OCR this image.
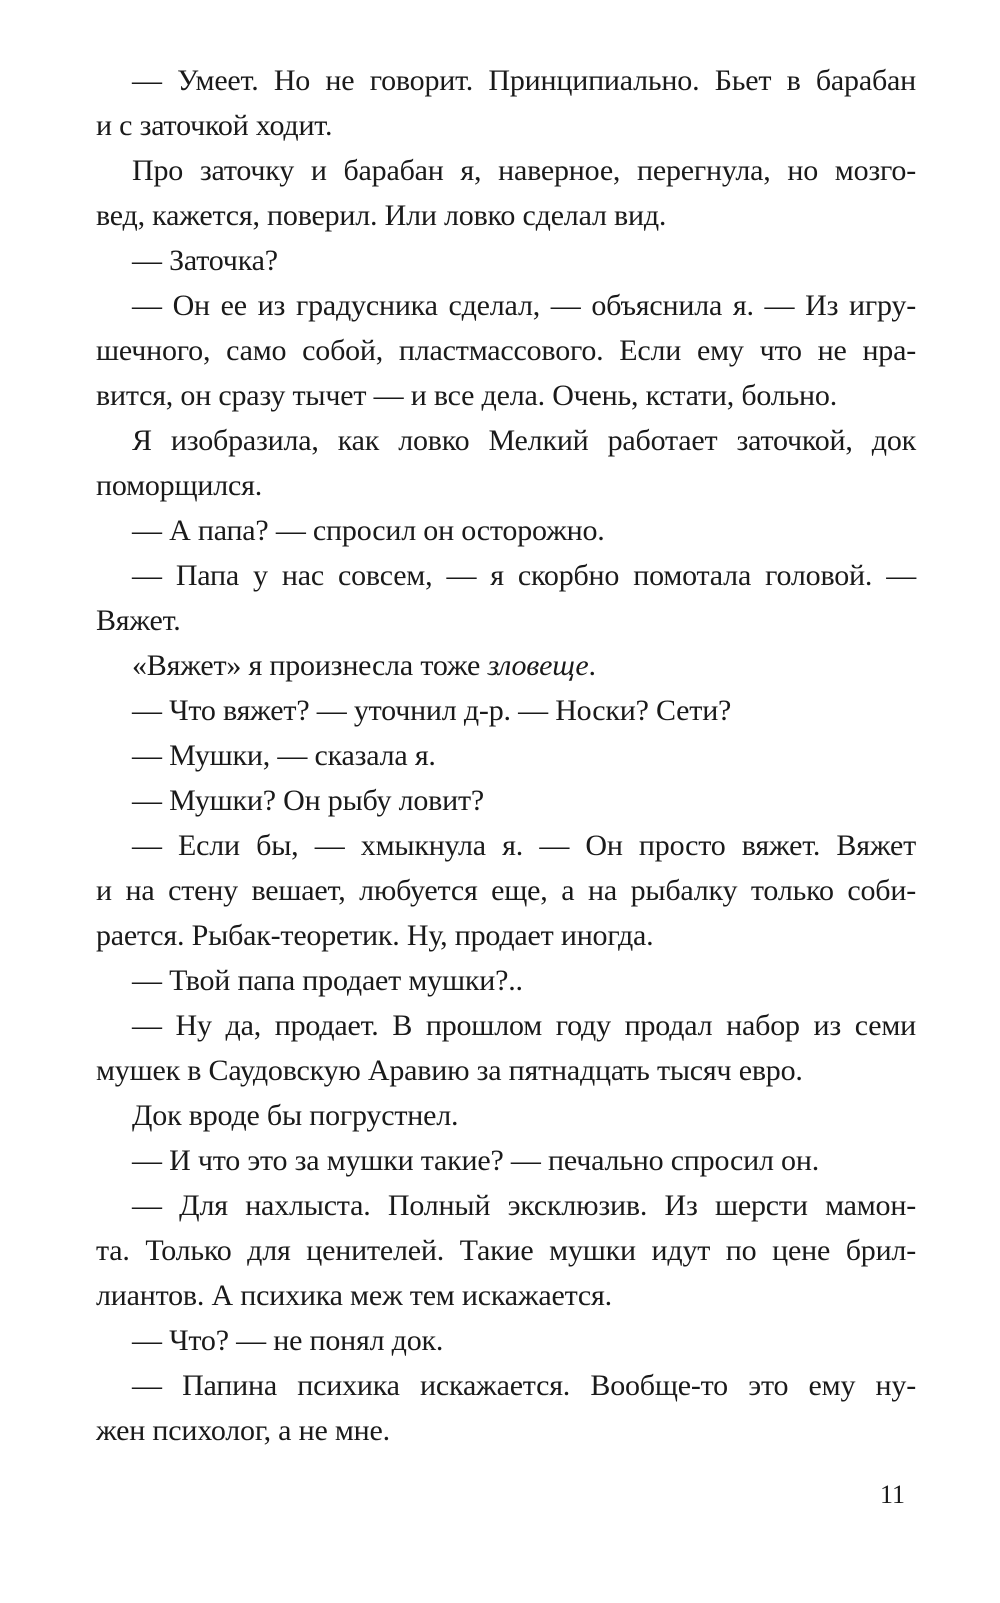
— Умеет. Но не говорит. Принципиально. Бьет в барабан
и с заточкой ходит.
Про заточку и барабан я, наверное, перегнула, но мозго-
вед, кажется, поверил. Или ловко сделал вид.
— Заточка?
— Он ее из градусника сделал, — объяснила я. — Из игру-
шечного, само собой, пластмассового. Если ему что не нра-
вится, он сразу тычет — и все дела. Очень, кстати, больно.
Я изобразила, как ловко Мелкий работает заточкой, док
поморщился.
— А папа? — спросил он осторожно.
— Папа у нас совсем, — я скорбно помотала головой. —
Вяжет.
«Вяжет» я произнесла тоже зловеще.
— Что вяжет? — уточнил д-р. — Носки? Сети?
— Мушки, — сказала я.
— Мушки? Он рыбу ловит?
— Если бы, — хмыкнула я. — Он просто вяжет. Вяжет
и на стену вешает, любуется еще, а на рыбалку только соби-
рается. Рыбак-теоретик. Ну, продает иногда.
— Твой папа продает мушки?..
— Ну да, продает. В прошлом году продал набор из семи
мушек в Саудовскую Аравию за пятнадцать тысяч евро.
Док вроде бы погрустнел.
— И что это за мушки такие? — печально спросил он.
— Для нахлыста. Полный эксклюзив. Из шерсти мамон-
та. Только для ценителей. Такие мушки идут по цене брил-
лиантов. А психика меж тем искажается.
— Что? — не понял док.
— Папина психика искажается. Вообще-то это ему ну-
жен психолог, а не мне.
11
